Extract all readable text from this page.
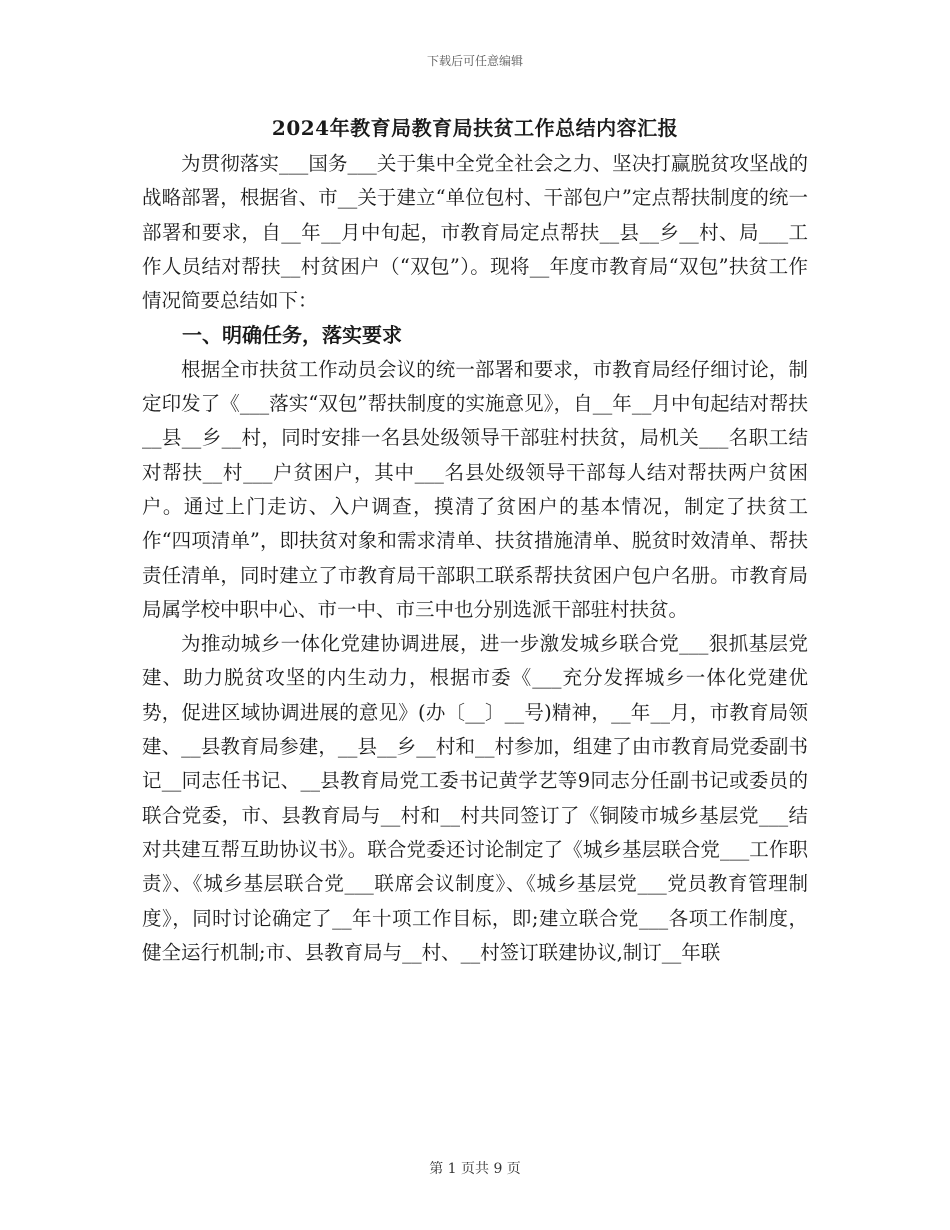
下载后可任意编辑
2024年教育局教育局扶贫工作总结内容汇报

为贯彻落实___国务___关于集中全党全社会之力、坚决打赢脱贫攻坚战的战略部署，根据省、市__关于建立“单位包村、干部包户”定点帮扶制度的统一部署和要求，自__年__月中旬起，市教育局定点帮扶__县__乡__村、局___工作人员结对帮扶__村贫困户（“双包”）。现将__年度市教育局“双包”扶贫工作情况简要总结如下：

一、明确任务，落实要求

根据全市扶贫工作动员会议的统一部署和要求，市教育局经仔细讨论，制定印发了《___落实“双包”帮扶制度的实施意见》，自__年__月中旬起结对帮扶__县__乡__村，同时安排一名县处级领导干部驻村扶贫，局机关___名职工结对帮扶__村___户贫困户，其中___名县处级领导干部每人结对帮扶两户贫困户。通过上门走访、入户调查，摸清了贫困户的基本情况，制定了扶贫工作“四项清单”，即扶贫对象和需求清单、扶贫措施清单、脱贫时效清单、帮扶责任清单，同时建立了市教育局干部职工联系帮扶贫困户包户名册。市教育局局属学校中职中心、市一中、市三中也分别选派干部驻村扶贫。

为推动城乡一体化党建协调进展，进一步激发城乡联合党___狠抓基层党建、助力脱贫攻坚的内生动力，根据市委《___充分发挥城乡一体化党建优势，促进区域协调进展的意见》(办〔__〕__号)精神，__年__月，市教育局领建、__县教育局参建，__县__乡__村和__村参加，组建了由市教育局党委副书记__同志任书记、__县教育局党工委书记黄学艺等9同志分任副书记或委员的联合党委，市、县教育局与__村和__村共同签订了《铜陵市城乡基层党___结对共建互帮互助协议书》。联合党委还讨论制定了《城乡基层联合党___工作职责》、《城乡基层联合党___联席会议制度》、《城乡基层党___党员教育管理制度》，同时讨论确定了__年十项工作目标，即;建立联合党___各项工作制度，健全运行机制;市、县教育局与__村、__村签订联建协议,制订__年联

第 1 页共 9 页
